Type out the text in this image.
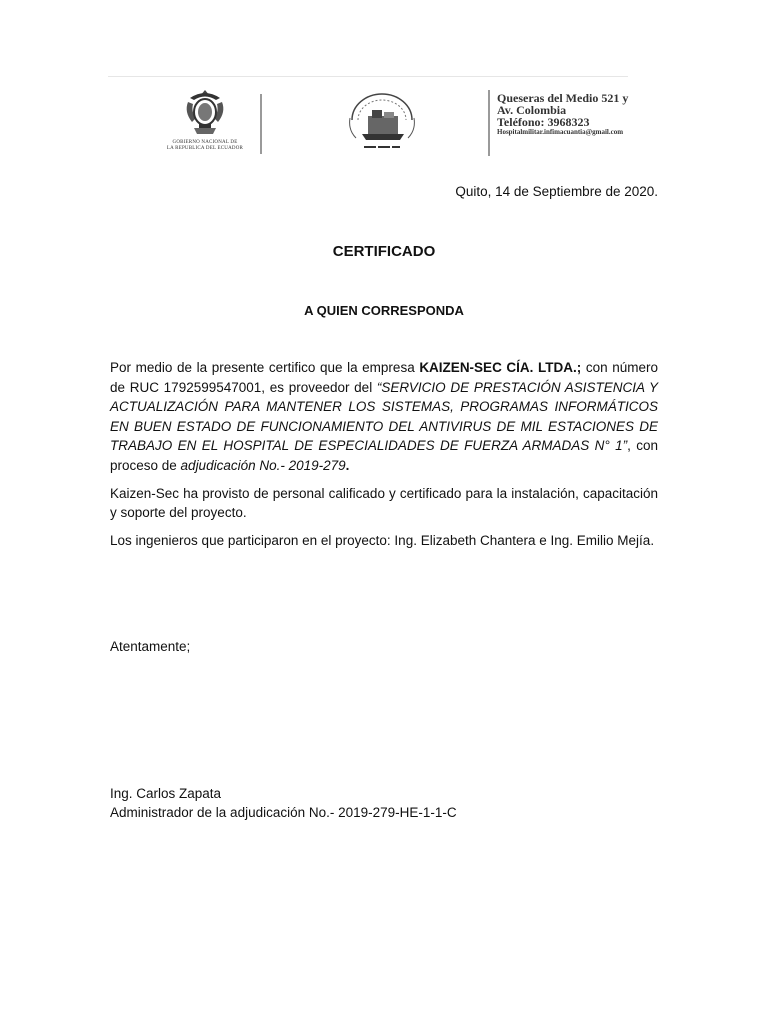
GOBIERNO NACIONAL DE
LA REPUBLICA DEL ECUADOR
Queseras del Medio 521 y
Av. Colombia
Teléfono: 3968323
Hospitalmilitar.infimacuantia@gmail.com
Quito, 14 de Septiembre de 2020.
CERTIFICADO
A QUIEN CORRESPONDA

Por medio de la presente certifico que la empresa KAIZEN-SEC CÍA. LTDA.; con número de RUC 1792599547001, es proveedor del “SERVICIO DE PRESTACIÓN ASISTENCIA Y ACTUALIZACIÓN PARA MANTENER LOS SISTEMAS, PROGRAMAS INFORMÁTICOS EN BUEN ESTADO DE FUNCIONAMIENTO DEL ANTIVIRUS DE MIL ESTACIONES DE TRABAJO EN EL HOSPITAL DE ESPECIALIDADES DE FUERZA ARMADAS N° 1”, con proceso de adjudicación No.- 2019-279.

Kaizen-Sec ha provisto de personal calificado y certificado para la instalación, capacitación y soporte del proyecto.

Los ingenieros que participaron en el proyecto: Ing. Elizabeth Chantera e Ing. Emilio Mejía.

Atentamente;
Ing. Carlos Zapata
Administrador de la adjudicación No.- 2019-279-HE-1-1-C
